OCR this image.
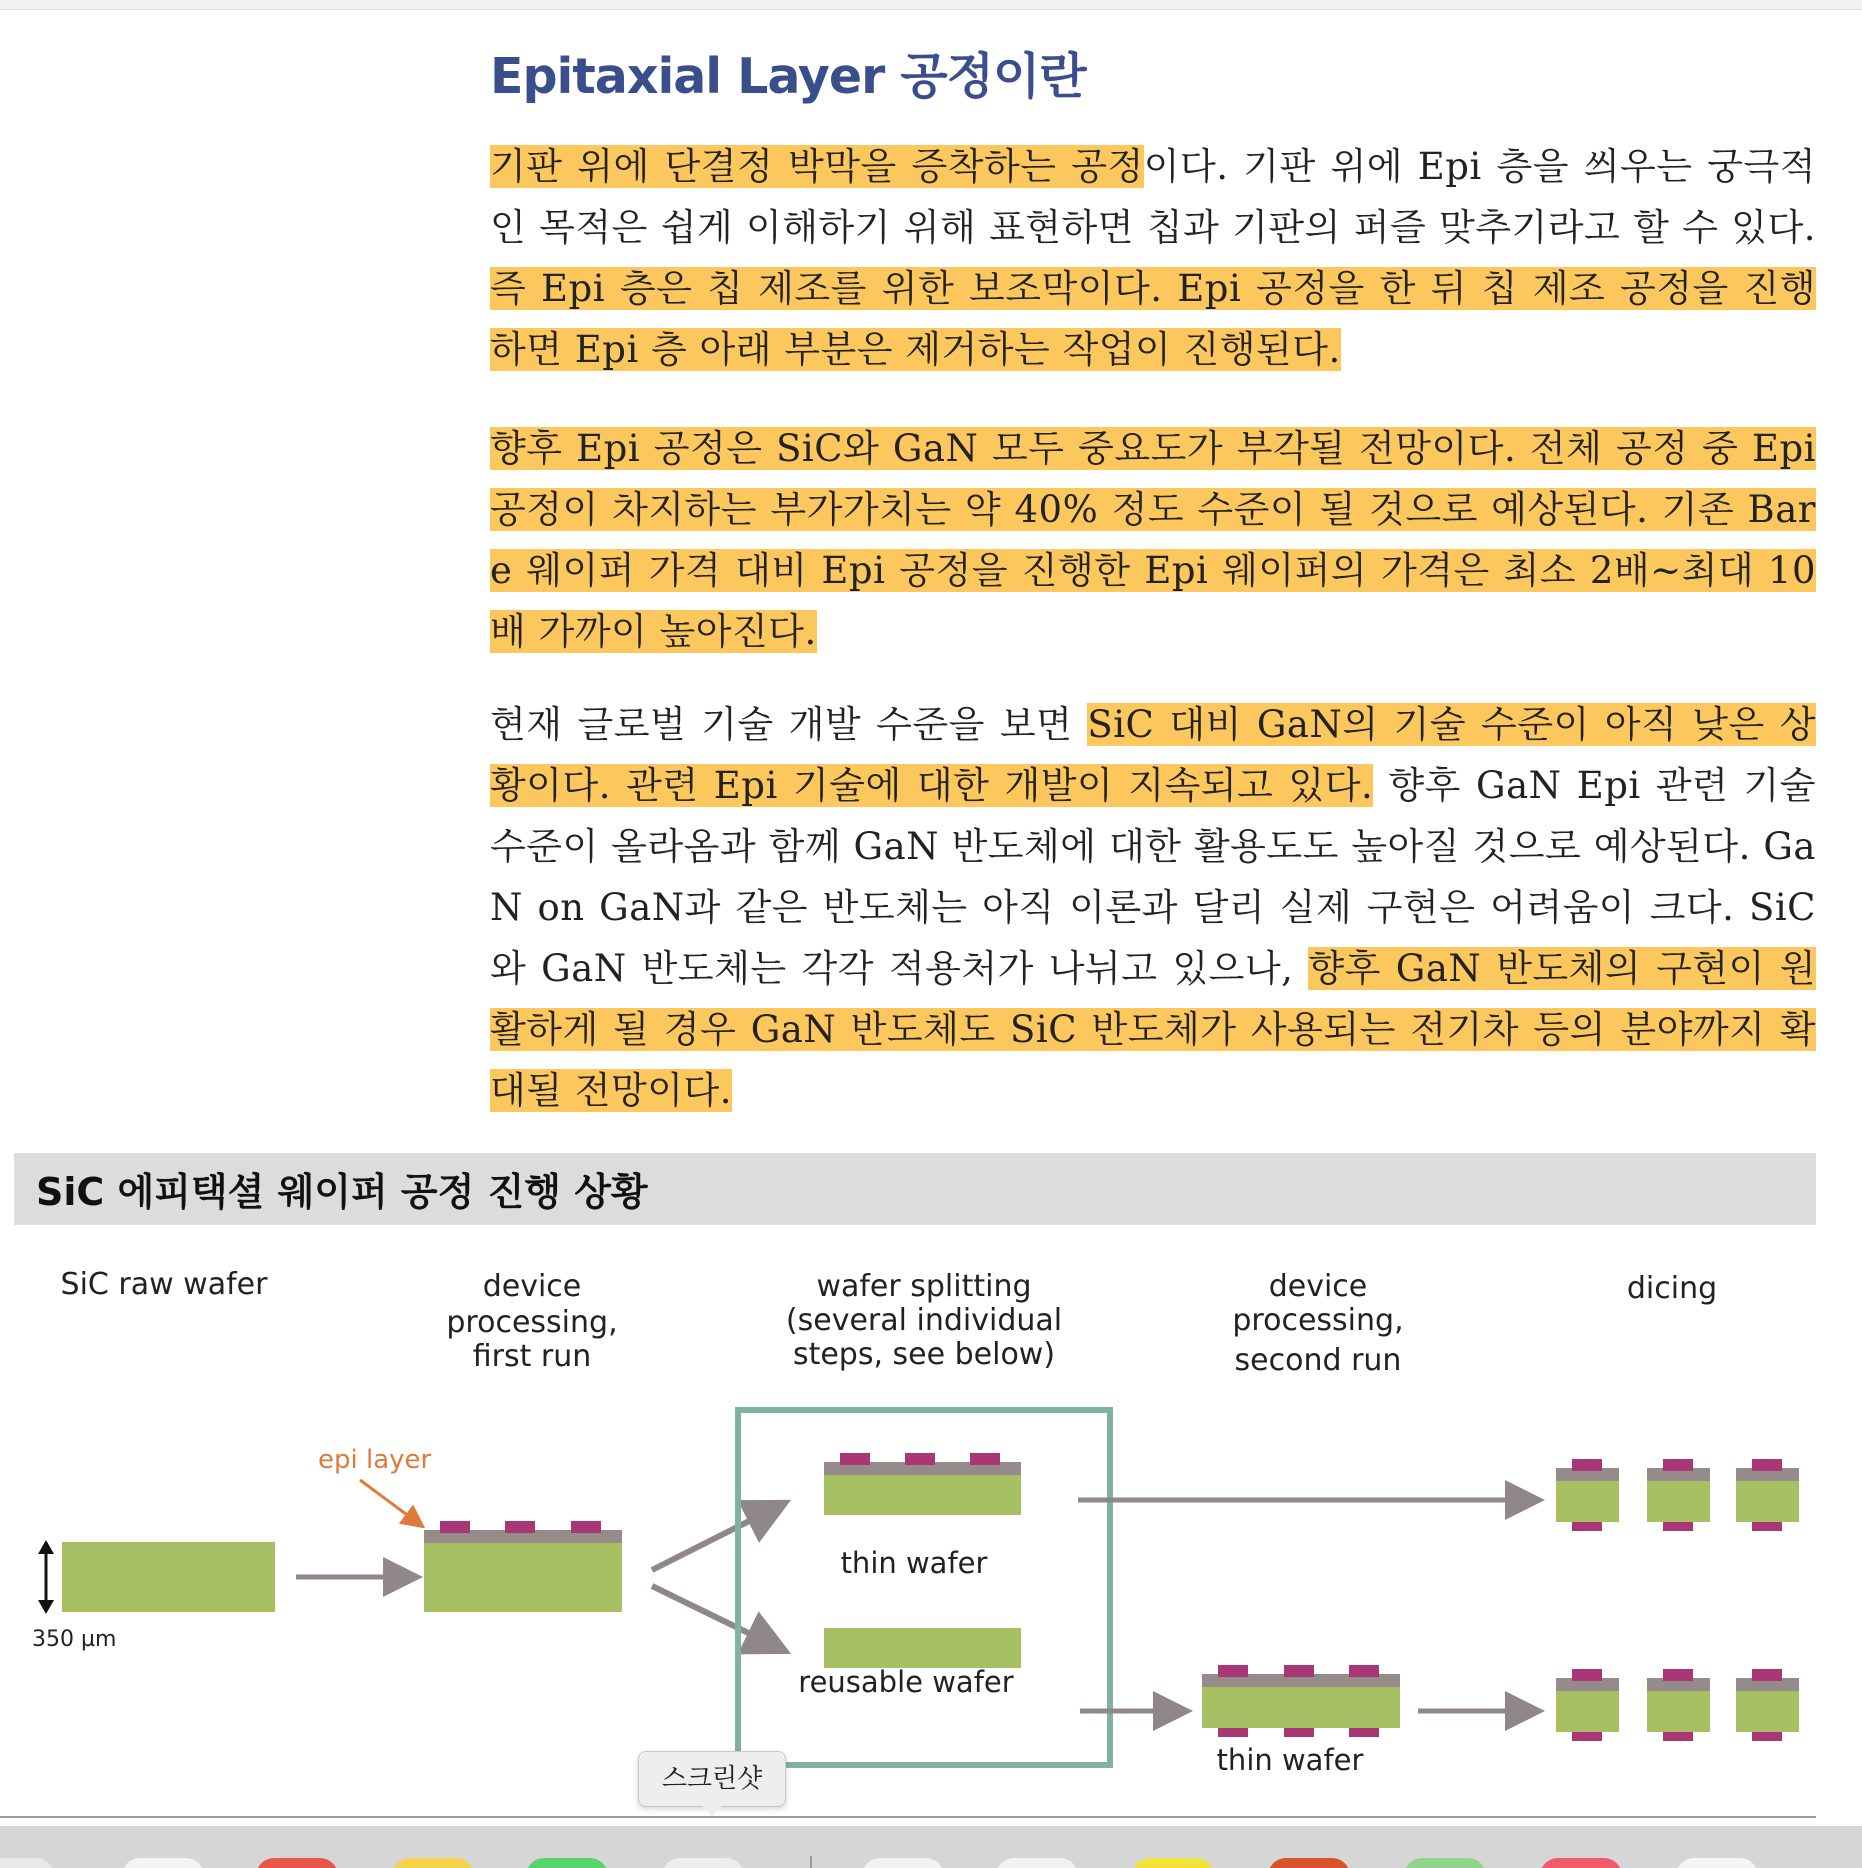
Epitaxial Layer 공정이란

기판 위에 단결정 박막을 증착하는 공정이다. 기판 위에 Epi 층을 씌우는 궁극적인 목적은 쉽게 이해하기 위해 표현하면 칩과 기판의 퍼즐 맞추기라고 할 수 있다. 즉 Epi 층은 칩 제조를 위한 보조막이다. Epi 공정을 한 뒤 칩 제조 공정을 진행하면 Epi 층 아래 부분은 제거하는 작업이 진행된다.

향후 Epi 공정은 SiC와 GaN 모두 중요도가 부각될 전망이다. 전체 공정 중 Epi 공정이 차지하는 부가가치는 약 40% 정도 수준이 될 것으로 예상된다. 기존 Bare 웨이퍼 가격 대비 Epi 공정을 진행한 Epi 웨이퍼의 가격은 최소 2배~최대 10배 가까이 높아진다.

현재 글로벌 기술 개발 수준을 보면 SiC 대비 GaN의 기술 수준이 아직 낮은 상황이다. 관련 Epi 기술에 대한 개발이 지속되고 있다. 향후 GaN Epi 관련 기술 수준이 올라옴과 함께 GaN 반도체에 대한 활용도도 높아질 것으로 예상된다. GaN on GaN과 같은 반도체는 아직 이론과 달리 실제 구현은 어려움이 크다. SiC와 GaN 반도체는 각각 적용처가 나뉘고 있으나, 향후 GaN 반도체의 구현이 원활하게 될 경우 GaN 반도체도 SiC 반도체가 사용되는 전기차 등의 분야까지 확대될 전망이다.

SiC 에피택셜 웨이퍼 공정 진행 상황
SiC raw wafer	device
processing,
first run
wafer splitting
(several individual
steps, see below)
device
processing,
second run
dicing
350 µm
epi layer
thin wafer
reusable wafer
thin wafer
스크린샷
